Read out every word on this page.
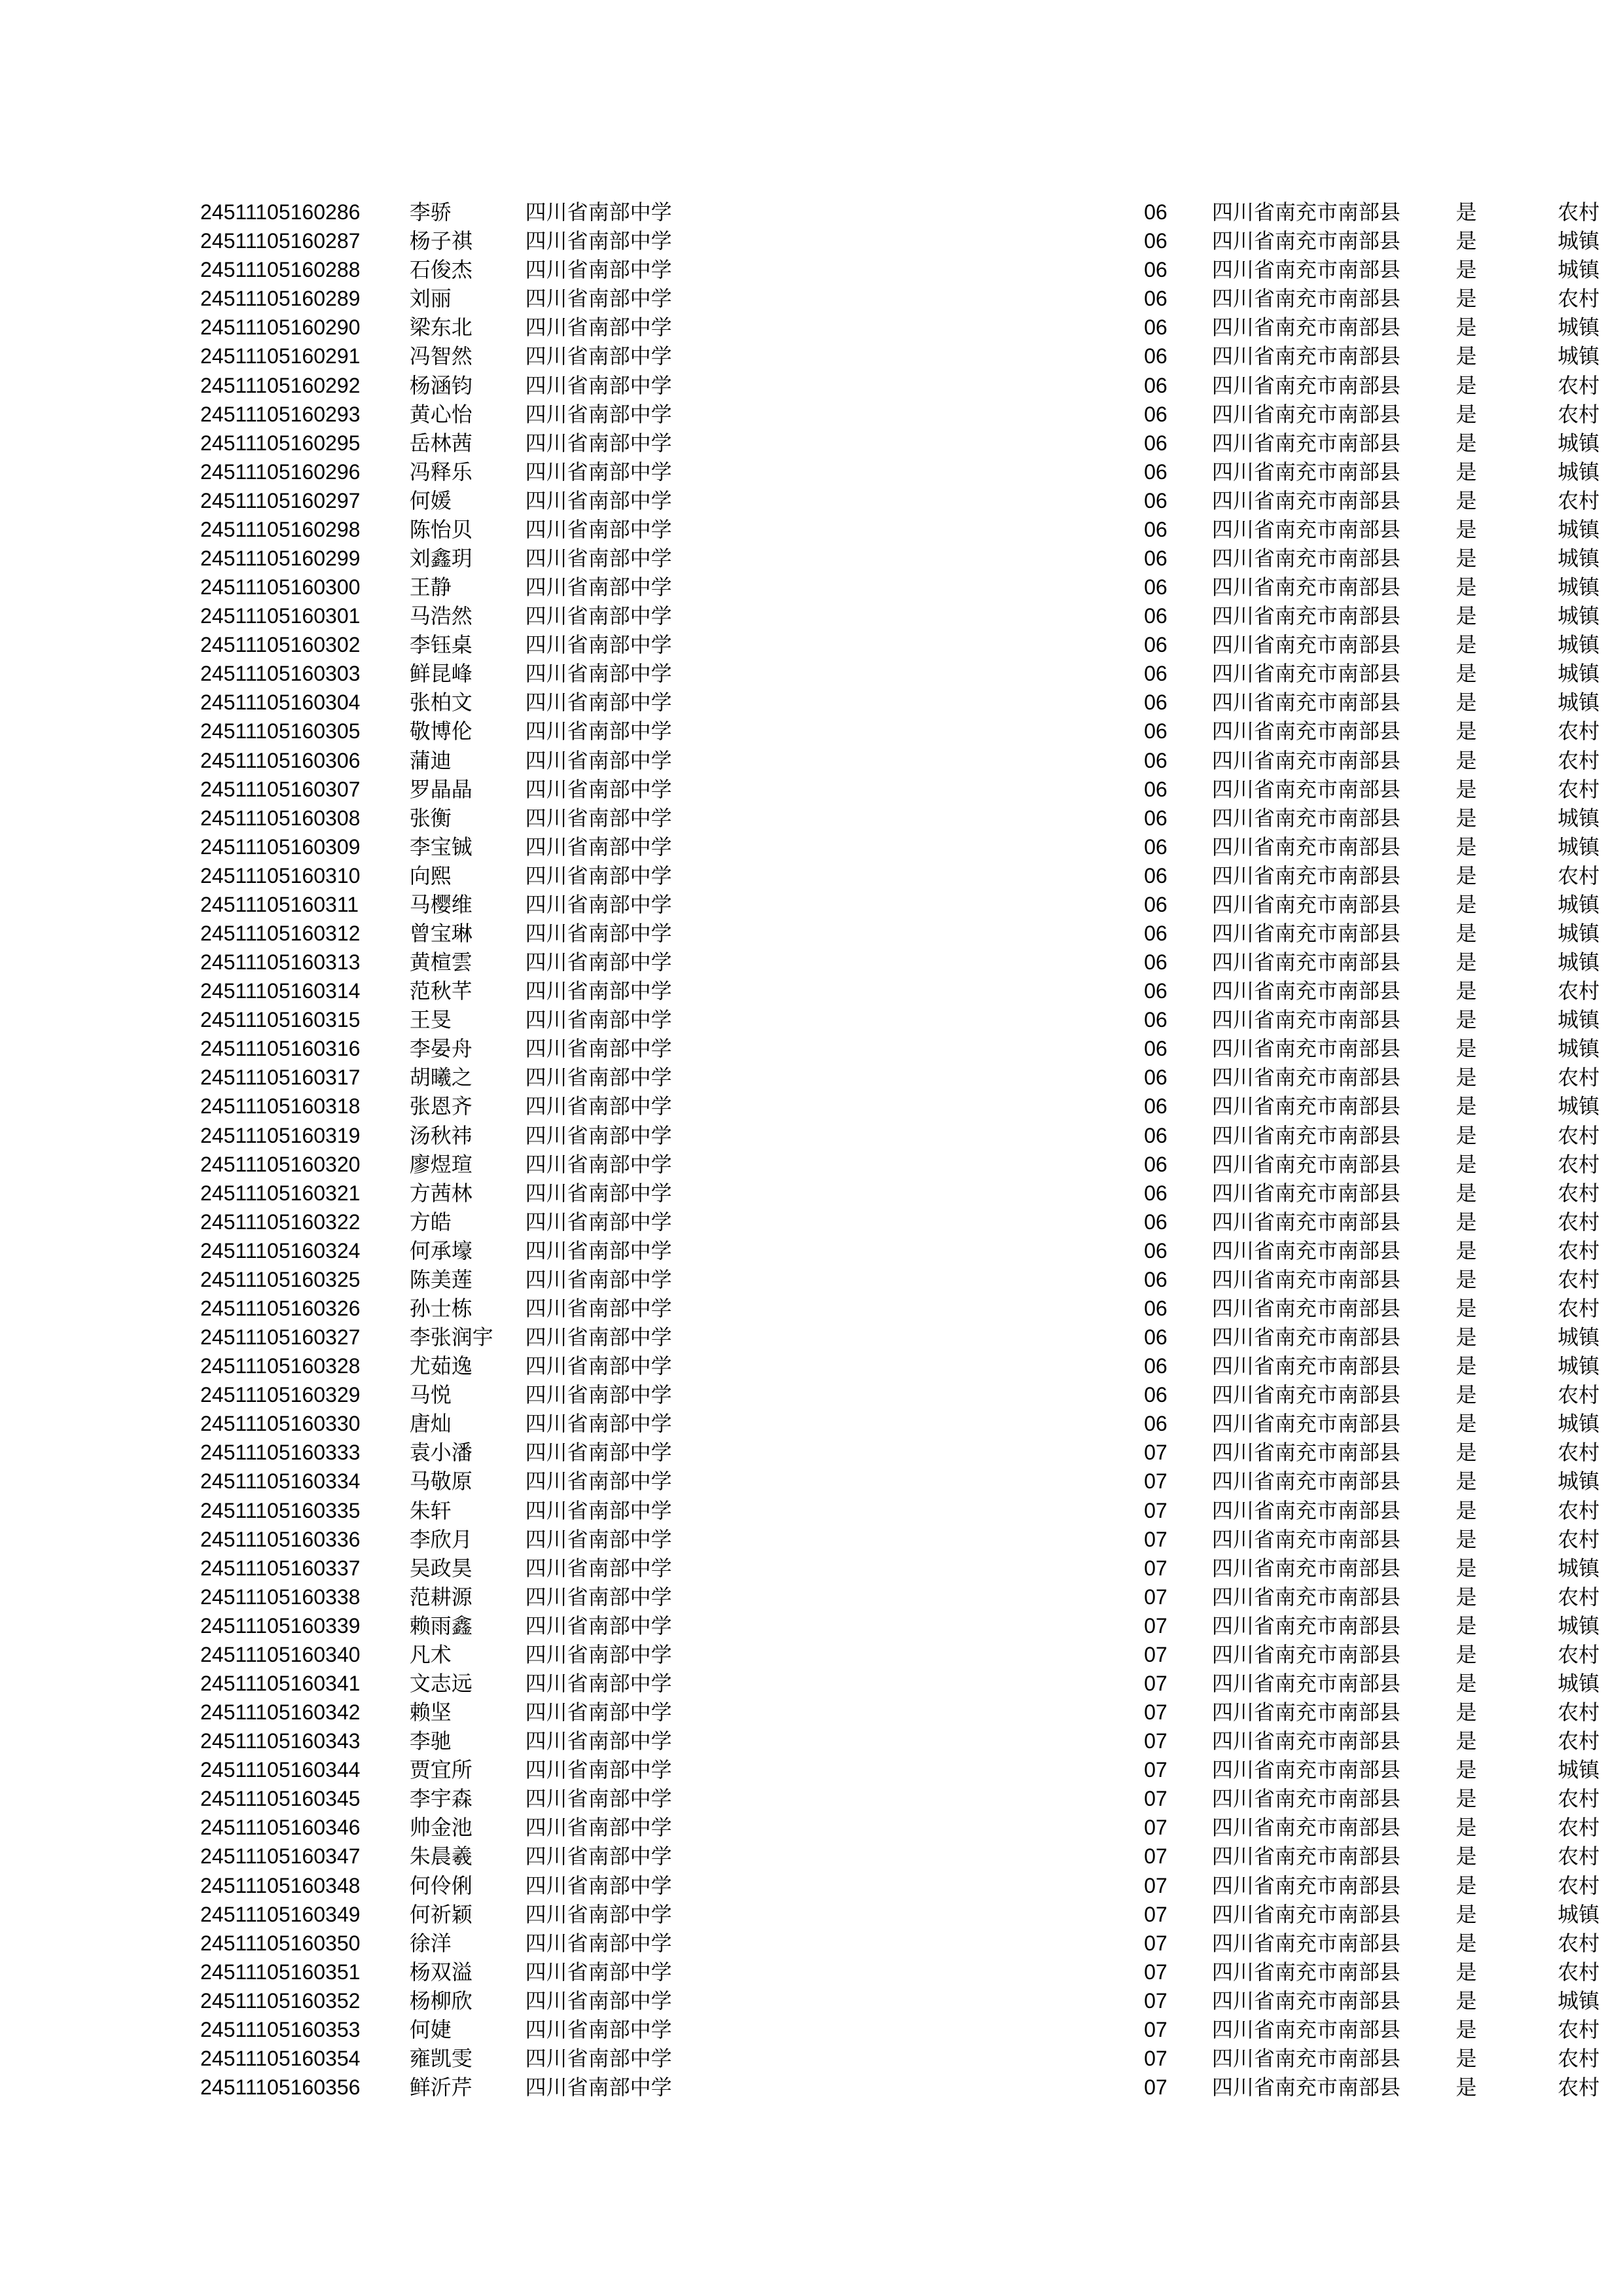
24511105160286	李骄	四川省南部中学	06	四川省南充市南部县	是	农村
24511105160287	杨子祺	四川省南部中学	06	四川省南充市南部县	是	城镇
24511105160288	石俊杰	四川省南部中学	06	四川省南充市南部县	是	城镇
24511105160289	刘丽	四川省南部中学	06	四川省南充市南部县	是	农村
24511105160290	梁东北	四川省南部中学	06	四川省南充市南部县	是	城镇
24511105160291	冯智然	四川省南部中学	06	四川省南充市南部县	是	城镇
24511105160292	杨涵钧	四川省南部中学	06	四川省南充市南部县	是	农村
24511105160293	黄心怡	四川省南部中学	06	四川省南充市南部县	是	农村
24511105160295	岳林茜	四川省南部中学	06	四川省南充市南部县	是	城镇
24511105160296	冯释乐	四川省南部中学	06	四川省南充市南部县	是	城镇
24511105160297	何媛	四川省南部中学	06	四川省南充市南部县	是	农村
24511105160298	陈怡贝	四川省南部中学	06	四川省南充市南部县	是	城镇
24511105160299	刘鑫玥	四川省南部中学	06	四川省南充市南部县	是	城镇
24511105160300	王静	四川省南部中学	06	四川省南充市南部县	是	城镇
24511105160301	马浩然	四川省南部中学	06	四川省南充市南部县	是	城镇
24511105160302	李钰桌	四川省南部中学	06	四川省南充市南部县	是	城镇
24511105160303	鲜昆峰	四川省南部中学	06	四川省南充市南部县	是	城镇
24511105160304	张柏文	四川省南部中学	06	四川省南充市南部县	是	城镇
24511105160305	敬博伦	四川省南部中学	06	四川省南充市南部县	是	农村
24511105160306	蒲迪	四川省南部中学	06	四川省南充市南部县	是	农村
24511105160307	罗晶晶	四川省南部中学	06	四川省南充市南部县	是	农村
24511105160308	张衡	四川省南部中学	06	四川省南充市南部县	是	城镇
24511105160309	李宝铖	四川省南部中学	06	四川省南充市南部县	是	城镇
24511105160310	向熙	四川省南部中学	06	四川省南充市南部县	是	农村
24511105160311	马樱维	四川省南部中学	06	四川省南充市南部县	是	城镇
24511105160312	曾宝琳	四川省南部中学	06	四川省南充市南部县	是	城镇
24511105160313	黄楦雲	四川省南部中学	06	四川省南充市南部县	是	城镇
24511105160314	范秋芊	四川省南部中学	06	四川省南充市南部县	是	农村
24511105160315	王旻	四川省南部中学	06	四川省南充市南部县	是	城镇
24511105160316	李晏舟	四川省南部中学	06	四川省南充市南部县	是	城镇
24511105160317	胡曦之	四川省南部中学	06	四川省南充市南部县	是	农村
24511105160318	张恩齐	四川省南部中学	06	四川省南充市南部县	是	城镇
24511105160319	汤秋祎	四川省南部中学	06	四川省南充市南部县	是	农村
24511105160320	廖煜瑄	四川省南部中学	06	四川省南充市南部县	是	农村
24511105160321	方茜林	四川省南部中学	06	四川省南充市南部县	是	农村
24511105160322	方皓	四川省南部中学	06	四川省南充市南部县	是	农村
24511105160324	何承壕	四川省南部中学	06	四川省南充市南部县	是	农村
24511105160325	陈美莲	四川省南部中学	06	四川省南充市南部县	是	农村
24511105160326	孙士栋	四川省南部中学	06	四川省南充市南部县	是	农村
24511105160327	李张润宇	四川省南部中学	06	四川省南充市南部县	是	城镇
24511105160328	尤茹逸	四川省南部中学	06	四川省南充市南部县	是	城镇
24511105160329	马悦	四川省南部中学	06	四川省南充市南部县	是	农村
24511105160330	唐灿	四川省南部中学	06	四川省南充市南部县	是	城镇
24511105160333	袁小潘	四川省南部中学	07	四川省南充市南部县	是	农村
24511105160334	马敬原	四川省南部中学	07	四川省南充市南部县	是	城镇
24511105160335	朱轩	四川省南部中学	07	四川省南充市南部县	是	农村
24511105160336	李欣月	四川省南部中学	07	四川省南充市南部县	是	农村
24511105160337	吴政昊	四川省南部中学	07	四川省南充市南部县	是	城镇
24511105160338	范耕源	四川省南部中学	07	四川省南充市南部县	是	农村
24511105160339	赖雨鑫	四川省南部中学	07	四川省南充市南部县	是	城镇
24511105160340	凡术	四川省南部中学	07	四川省南充市南部县	是	农村
24511105160341	文志远	四川省南部中学	07	四川省南充市南部县	是	城镇
24511105160342	赖坚	四川省南部中学	07	四川省南充市南部县	是	农村
24511105160343	李驰	四川省南部中学	07	四川省南充市南部县	是	农村
24511105160344	贾宜所	四川省南部中学	07	四川省南充市南部县	是	城镇
24511105160345	李宇森	四川省南部中学	07	四川省南充市南部县	是	农村
24511105160346	帅金池	四川省南部中学	07	四川省南充市南部县	是	农村
24511105160347	朱晨羲	四川省南部中学	07	四川省南充市南部县	是	农村
24511105160348	何伶俐	四川省南部中学	07	四川省南充市南部县	是	农村
24511105160349	何祈颖	四川省南部中学	07	四川省南充市南部县	是	城镇
24511105160350	徐洋	四川省南部中学	07	四川省南充市南部县	是	农村
24511105160351	杨双溢	四川省南部中学	07	四川省南充市南部县	是	农村
24511105160352	杨柳欣	四川省南部中学	07	四川省南充市南部县	是	城镇
24511105160353	何婕	四川省南部中学	07	四川省南充市南部县	是	农村
24511105160354	雍凯雯	四川省南部中学	07	四川省南充市南部县	是	农村
24511105160356	鲜沂芹	四川省南部中学	07	四川省南充市南部县	是	农村
